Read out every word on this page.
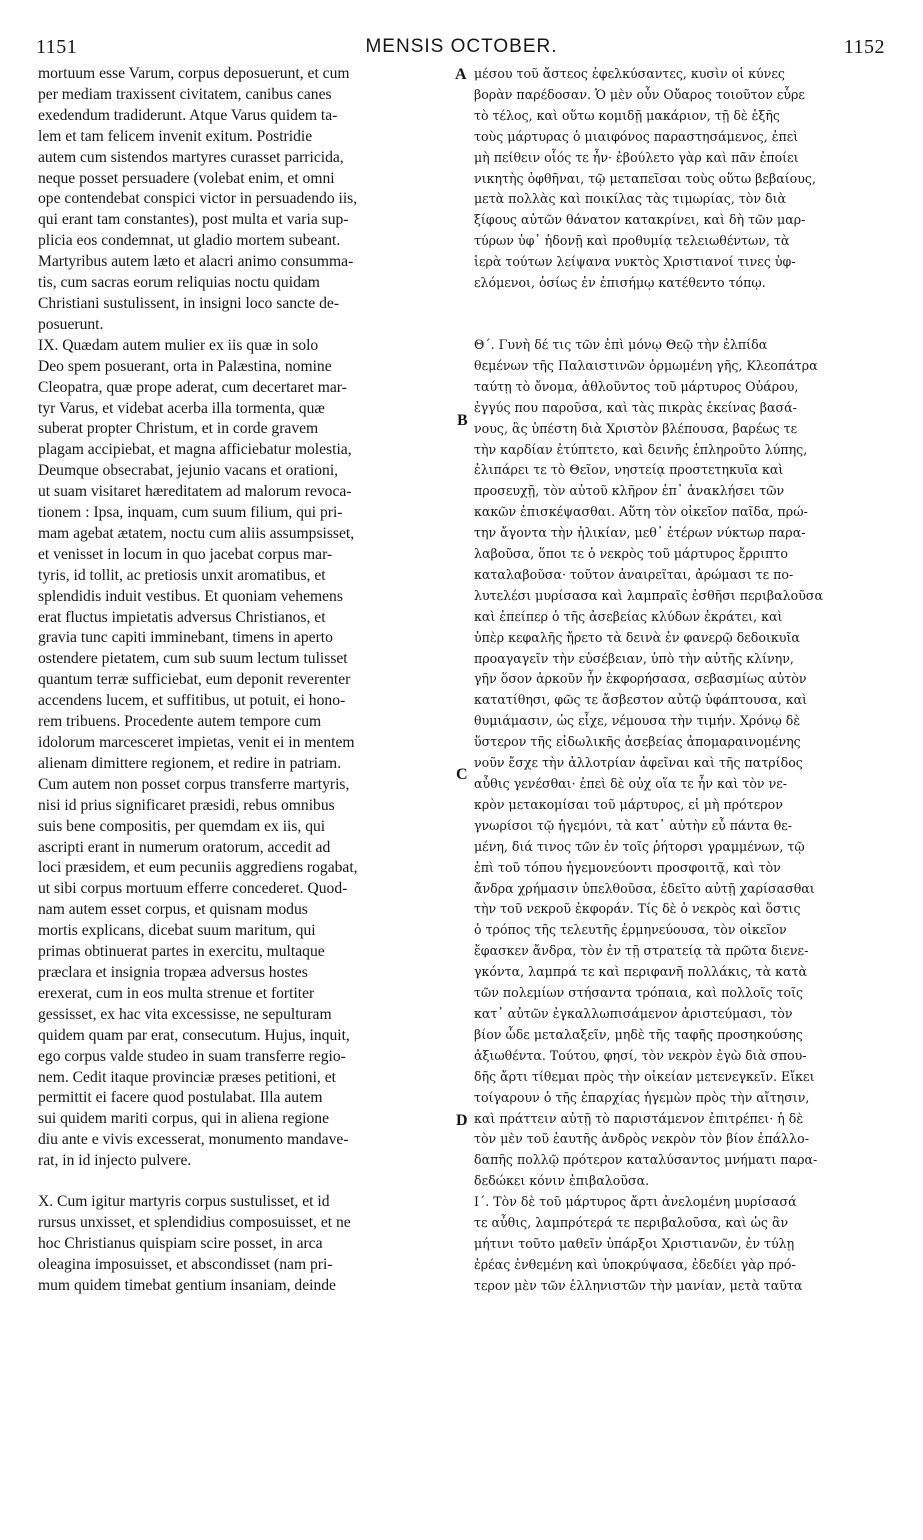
1151	MENSIS OCTOBER.	1152

mortuum esse Varum, corpus deposuerunt, et cum
per mediam traxissent civitatem, canibus canes
exedendum tradiderunt. Atque Varus quidem ta-
lem et tam felicem invenit exitum. Postridie
autem cum sistendos martyres curasset parricida,
neque posset persuadere (volebat enim, et omni
ope contendebat conspici victor in persuadendo iis,
qui erant tam constantes), post multa et varia sup-
plicia eos condemnat, ut gladio mortem subeant.
Martyribus autem læto et alacri animo consumma-
tis, cum sacras eorum reliquias noctu quidam
Christiani sustulissent, in insigni loco sancte de-
posuerunt.

IX. Quædam autem mulier ex iis quæ in solo
Deo spem posuerant, orta in Palæstina, nomine
Cleopatra, quæ prope aderat, cum decertaret mar-
tyr Varus, et videbat acerba illa tormenta, quæ
suberat propter Christum, et in corde gravem
plagam accipiebat, et magna afficiebatur molestia,
Deumque obsecrabat, jejunio vacans et orationi,
ut suam visitaret hæreditatem ad malorum revoca-
tionem : Ipsa, inquam, cum suum filium, qui pri-
mam agebat ætatem, noctu cum aliis assumpsisset,
et venisset in locum in quo jacebat corpus mar-
tyris, id tollit, ac pretiosis unxit aromatibus, et
splendidis induit vestibus. Et quoniam vehemens
erat fluctus impietatis adversus Christianos, et
gravia tunc capiti imminebant, timens in aperto
ostendere pietatem, cum sub suum lectum tulisset
quantum terræ sufficiebat, eum deponit reverenter
accendens lucem, et suffitibus, ut potuit, ei hono-
rem tribuens. Procedente autem tempore cum
idolorum marcesceret impietas, venit ei in mentem
alienam dimittere regionem, et redire in patriam.
Cum autem non posset corpus transferre martyris,
nisi id prius significaret præsidi, rebus omnibus
suis bene compositis, per quemdam ex iis, qui
ascripti erant in numerum oratorum, accedit ad
loci præsidem, et eum pecuniis aggrediens rogabat,
ut sibi corpus mortuum efferre concederet. Quod-
nam autem esset corpus, et quisnam modus
mortis explicans, dicebat suum maritum, qui
primas obtinuerat partes in exercitu, multaque
præclara et insignia tropæa adversus hostes
erexerat, cum in eos multa strenue et fortiter
gessisset, ex hac vita excessisse, ne sepulturam
quidem quam par erat, consecutum. Hujus, inquit,
ego corpus valde studeo in suam transferre regio-
nem. Cedit itaque provinciæ præses petitioni, et
permittit ei facere quod postulabat. Illa autem
sui quidem mariti corpus, qui in aliena regione
diu ante e vivis excesserat, monumento mandave-
rat, in id injecto pulvere.

X. Cum igitur martyris corpus sustulisset, et id
rursus unxisset, et splendidius composuisset, et ne
hoc Christianus quispiam scire posset, in arca
oleagina imposuisset, et abscondisset (nam pri-
mum quidem timebat gentium insaniam, deinde

A
B
C
D

μέσου τοῦ ἄστεος ἐφελκύσαντες, κυσὶν οἱ κύνες
βορὰν παρέδοσαν. Ὁ μὲν οὖν Οὔαρος τοιοῦτον εὗρε
τὸ τέλος, καὶ οὕτω κομιδῇ μακάριον, τῇ δὲ ἑξῆς
τοὺς μάρτυρας ὁ μιαιφόνος παραστησάμενος, ἐπεὶ
μὴ πείθειν οἷός τε ἦν· ἐβούλετο γὰρ καὶ πᾶν ἐποίει
νικητὴς ὀφθῆναι, τῷ μεταπεῖσαι τοὺς οὕτω βεβαίους,
μετὰ πολλὰς καὶ ποικίλας τὰς τιμωρίας, τὸν διὰ
ξίφους αὐτῶν θάνατον κατακρίνει, καὶ δὴ τῶν μαρ-
τύρων ὑφ᾽ ἡδονῇ καὶ προθυμίᾳ τελειωθέντων, τὰ
ἱερὰ τούτων λείψανα νυκτὸς Χριστιανοί τινες ὑφ-
ελόμενοι, ὁσίως ἐν ἐπισήμῳ κατέθεντο τόπῳ.

Θ΄. Γυνὴ δέ τις τῶν ἐπὶ μόνῳ Θεῷ τὴν ἐλπίδα
θεμένων τῆς Παλαιστινῶν ὁρμωμένη γῆς, Κλεοπάτρα
ταύτῃ τὸ ὄνομα, ἀθλοῦντος τοῦ μάρτυρος Οὐάρου,
ἐγγύς που παροῦσα, καὶ τὰς πικρὰς ἐκείνας βασά-
νους, ἃς ὑπέστη διὰ Χριστὸν βλέπουσα, βαρέως τε
τὴν καρδίαν ἐτύπτετο, καὶ δεινῆς ἐπληροῦτο λύπης,
ἐλιπάρει τε τὸ Θεῖον, νηστείᾳ προστετηκυῖα καὶ
προσευχῇ, τὸν αὐτοῦ κλῆρον ἐπ᾽ ἀνακλήσει τῶν
κακῶν ἐπισκέψασθαι. Αὕτη τὸν οἰκεῖον παῖδα, πρώ-
την ἄγοντα τὴν ἡλικίαν, μεθ᾽ ἑτέρων νύκτωρ παρα-
λαβοῦσα, ὅποι τε ὁ νεκρὸς τοῦ μάρτυρος ἔρριπτο
καταλαβοῦσα· τοῦτον ἀναιρεῖται, ἀρώμασι τε πο-
λυτελέσι μυρίσασα καὶ λαμπραῖς ἐσθῆσι περιβαλοῦσα
καὶ ἐπείπερ ὁ τῆς ἀσεβείας κλύδων ἐκράτει, καὶ
ὑπὲρ κεφαλῆς ἤρετο τὰ δεινὰ ἐν φανερῷ δεδοικυῖα
προαγαγεῖν τὴν εὐσέβειαν, ὑπὸ τὴν αὐτῆς κλίνην,
γῆν ὅσον ἀρκοῦν ἦν ἐκφορήσασα, σεβασμίως αὐτὸν
κατατίθησι, φῶς τε ἄσβεστον αὐτῷ ὑφάπτουσα, καὶ
θυμιάμασιν, ὡς εἶχε, νέμουσα τὴν τιμήν. Χρόνῳ δὲ
ὕστερον τῆς εἰδωλικῆς ἀσεβείας ἀπομαραινομένης
νοῦν ἔσχε τὴν ἀλλοτρίαν ἀφεῖναι καὶ τῆς πατρίδος
αὖθις γενέσθαι· ἐπεὶ δὲ οὐχ οἵα τε ἦν καὶ τὸν νε-
κρὸν μετακομίσαι τοῦ μάρτυρος, εἰ μὴ πρότερον
γνωρίσοι τῷ ἡγεμόνι, τὰ κατ᾽ αὐτὴν εὖ πάντα θε-
μένη, διά τινος τῶν ἐν τοῖς ῥήτορσι γραμμένων, τῷ
ἐπὶ τοῦ τόπου ἡγεμονεύοντι προσφοιτᾷ, καὶ τὸν
ἄνδρα χρήμασιν ὑπελθοῦσα, ἐδεῖτο αὐτῇ χαρίσασθαι
τὴν τοῦ νεκροῦ ἐκφοράν. Τίς δὲ ὁ νεκρὸς καὶ ὅστις
ὁ τρόπος τῆς τελευτῆς ἑρμηνεύουσα, τὸν οἰκεῖον
ἔφασκεν ἄνδρα, τὸν ἐν τῇ στρατείᾳ τὰ πρῶτα διενε-
γκόντα, λαμπρά τε καὶ περιφανῆ πολλάκις, τὰ κατὰ
τῶν πολεμίων στήσαντα τρόπαια, καὶ πολλοῖς τοῖς
κατ᾽ αὐτῶν ἐγκαλλωπισάμενον ἀριστεύμασι, τὸν
βίον ὧδε μεταλαξεῖν, μηδὲ τῆς ταφῆς προσηκούσης
ἀξιωθέντα. Τούτου, φησί, τὸν νεκρὸν ἐγὼ διὰ σπου-
δῆς ἄρτι τίθεμαι πρὸς τὴν οἰκείαν μετενεγκεῖν. Εἴκει
τοίγαρουν ὁ τῆς ἐπαρχίας ἡγεμὼν πρὸς τὴν αἴτησιν,
καὶ πράττειν αὐτῇ τὸ παριστάμενον ἐπιτρέπει· ἡ δὲ
τὸν μὲν τοῦ ἑαυτῆς ἀνδρὸς νεκρὸν τὸν βίον ἐπάλλο-
δαπῆς πολλῷ πρότερον καταλύσαντος μνήματι παρα-
δεδώκει κόνιν ἐπιβαλοῦσα.

Ι΄. Τὸν δὲ τοῦ μάρτυρος ἄρτι ἀνελομένη μυρίσασά
τε αὖθις, λαμπρότερά τε περιβαλοῦσα, καὶ ὡς ἂν
μήτινι τοῦτο μαθεῖν ὑπάρξοι Χριστιανῶν, ἐν τύλῃ
ἐρέας ἐνθεμένη καὶ ὑποκρύψασα, ἐδεδίει γὰρ πρό-
τερον μὲν τῶν ἑλληνιστῶν τὴν μανίαν, μετὰ ταῦτα
